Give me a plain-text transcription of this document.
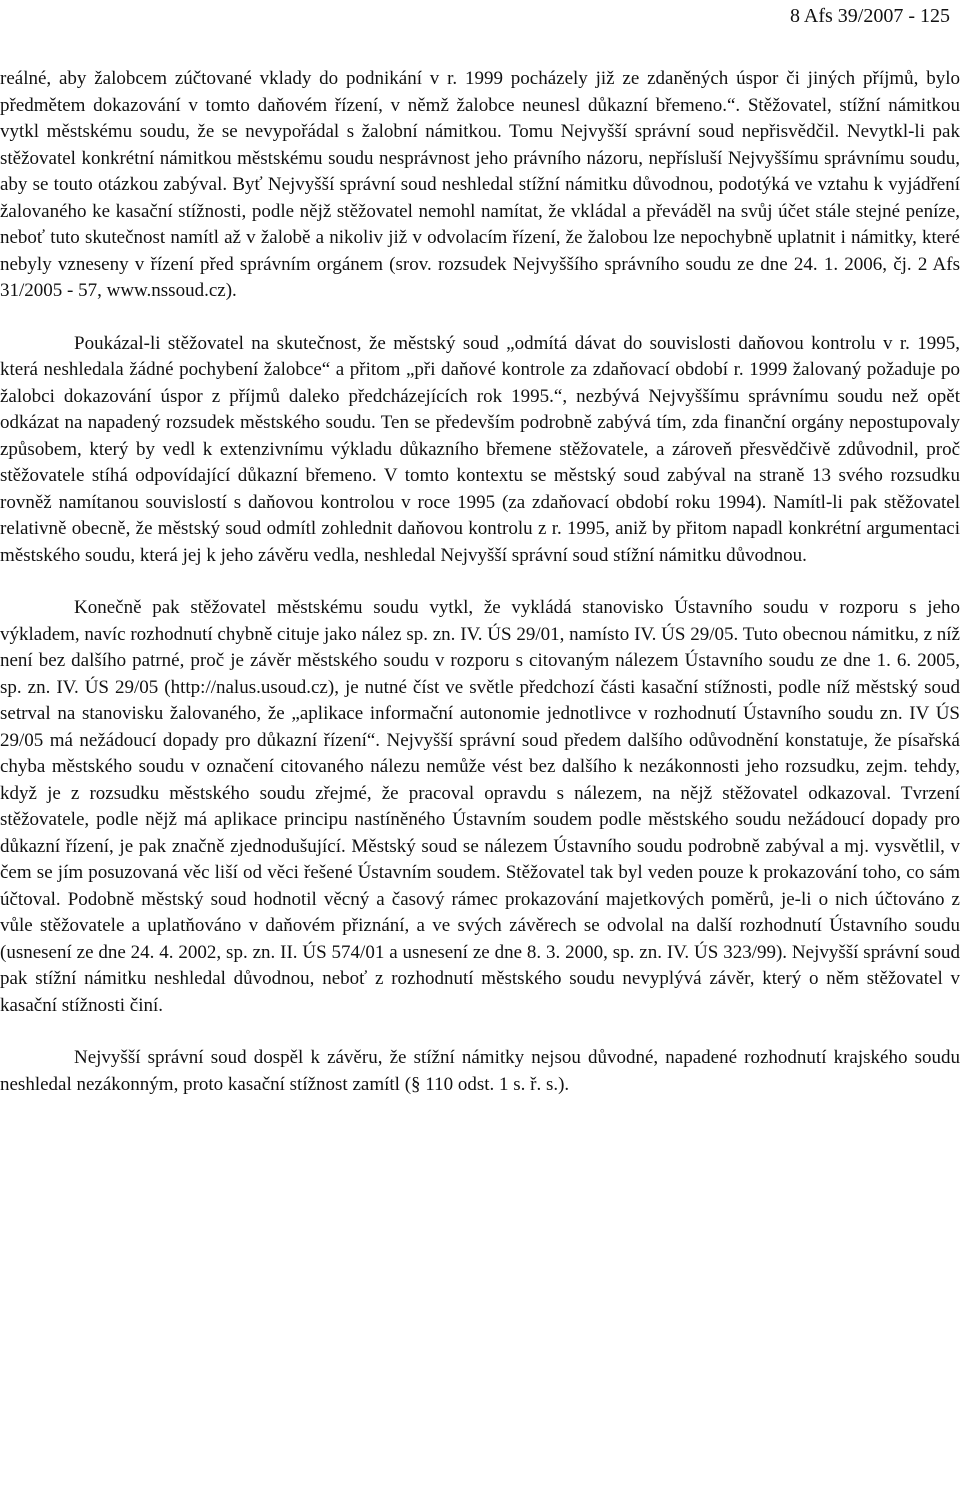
8 Afs 39/2007 - 125

reálné, aby žalobcem zúčtované vklady do podnikání v r. 1999 pocházely již ze zdaněných úspor či jiných příjmů, bylo předmětem dokazování v tomto daňovém řízení, v němž žalobce neunesl důkazní břemeno.“. Stěžovatel, stížní námitkou vytkl městskému soudu, že se nevypořádal s žalobní námitkou. Tomu Nejvyšší správní soud nepřisvědčil. Nevytkl-li pak stěžovatel konkrétní námitkou městskému soudu nesprávnost jeho právního názoru, nepřísluší Nejvyššímu správnímu soudu, aby se touto otázkou zabýval. Byť Nejvyšší správní soud neshledal stížní námitku důvodnou, podotýká ve vztahu k vyjádření žalovaného ke kasační stížnosti, podle nějž stěžovatel nemohl namítat, že vkládal a převáděl na svůj účet stále stejné peníze, neboť tuto skutečnost namítl až v žalobě a nikoliv již v odvolacím řízení, že žalobou lze nepochybně uplatnit i námitky, které nebyly vzneseny v řízení před správním orgánem (srov. rozsudek Nejvyššího správního soudu ze dne 24. 1. 2006, čj. 2 Afs 31/2005 - 57, www.nssoud.cz).

Poukázal-li stěžovatel na skutečnost, že městský soud „odmítá dávat do souvislosti daňovou kontrolu v r. 1995, která neshledala žádné pochybení žalobce“ a přitom „při daňové kontrole za zdaňovací období r. 1999 žalovaný požaduje po žalobci dokazování úspor z příjmů daleko předcházejících rok 1995.“, nezbývá Nejvyššímu správnímu soudu než opět odkázat na napadený rozsudek městského soudu. Ten se především podrobně zabývá tím, zda finanční orgány nepostupovaly způsobem, který by vedl k extenzivnímu výkladu důkazního břemene stěžovatele, a zároveň přesvědčivě zdůvodnil, proč stěžovatele stíhá odpovídající důkazní břemeno. V tomto kontextu se městský soud zabýval na straně 13 svého rozsudku rovněž namítanou souvislostí s daňovou kontrolou v roce 1995 (za zdaňovací období roku 1994). Namítl-li pak stěžovatel relativně obecně, že městský soud odmítl zohlednit daňovou kontrolu z r. 1995, aniž by přitom napadl konkrétní argumentaci městského soudu, která jej k jeho závěru vedla, neshledal Nejvyšší správní soud stížní námitku důvodnou.

Konečně pak stěžovatel městskému soudu vytkl, že vykládá stanovisko Ústavního soudu v rozporu s jeho výkladem, navíc rozhodnutí chybně cituje jako nález sp. zn. IV. ÚS 29/01, namísto IV. ÚS 29/05. Tuto obecnou námitku, z níž není bez dalšího patrné, proč je závěr městského soudu v rozporu s citovaným nálezem Ústavního soudu ze dne 1. 6. 2005, sp. zn. IV. ÚS 29/05 (http://nalus.usoud.cz), je nutné číst ve světle předchozí části kasační stížnosti, podle níž městský soud setrval na stanovisku žalovaného, že „aplikace informační autonomie jednotlivce v rozhodnutí Ústavního soudu zn. IV ÚS 29/05 má nežádoucí dopady pro důkazní řízení“. Nejvyšší správní soud předem dalšího odůvodnění konstatuje, že písařská chyba městského soudu v označení citovaného nálezu nemůže vést bez dalšího k nezákonnosti jeho rozsudku, zejm. tehdy, když je z rozsudku městského soudu zřejmé, že pracoval opravdu s nálezem, na nějž stěžovatel odkazoval. Tvrzení stěžovatele, podle nějž má aplikace principu nastíněného Ústavním soudem podle městského soudu nežádoucí dopady pro důkazní řízení, je pak značně zjednodušující. Městský soud se nálezem Ústavního soudu podrobně zabýval a mj. vysvětlil, v čem se jím posuzovaná věc liší od věci řešené Ústavním soudem. Stěžovatel tak byl veden pouze k prokazování toho, co sám účtoval. Podobně městský soud hodnotil věcný a časový rámec prokazování majetkových poměrů, je-li o nich účtováno z vůle stěžovatele a uplatňováno v daňovém přiznání, a ve svých závěrech se odvolal na další rozhodnutí Ústavního soudu (usnesení ze dne 24. 4. 2002, sp. zn. II. ÚS 574/01 a usnesení ze dne 8. 3. 2000, sp. zn. IV. ÚS 323/99). Nejvyšší správní soud pak stížní námitku neshledal důvodnou, neboť z rozhodnutí městského soudu nevyplývá závěr, který o něm stěžovatel v kasační stížnosti činí.

Nejvyšší správní soud dospěl k závěru, že stížní námitky nejsou důvodné, napadené rozhodnutí krajského soudu neshledal nezákonným, proto kasační stížnost zamítl (§ 110 odst. 1 s. ř. s.).
